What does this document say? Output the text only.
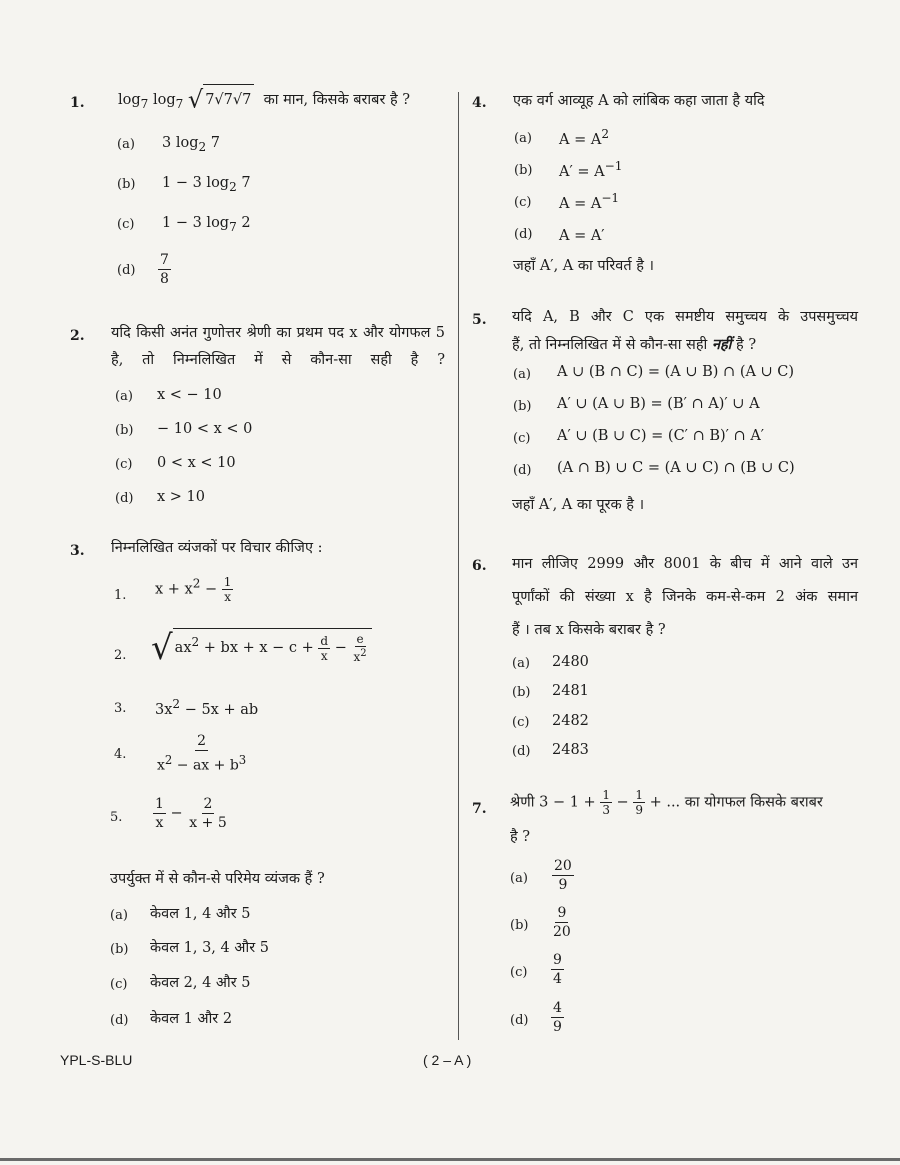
1. $\log_7 \log_7$ √ 7√7√7 का मान, किसके बराबर है ?
(a) 3 $\log_2 7$
(b) 1 − 3 $\log_2 7$
(c) 1 − 3 $\log_7 2$
$(d) \frac{7}{8}$
2. यदि किसी अनंत गुणोत्तर श्रेणी का प्रथम पद x और योगफल 5 है, तो निम्नलिखित में से कौन-सा सही है ?
(a) x < − 10
(b) − 10 < x < 0
(c) 0 < x < 10
(d) x > 10
3. निम्नलिखित व्यंजकों पर विचार कीजिए :
1. $x + x^2 - \frac{1}{x}$
2. √ $ax^2$ + bx + $x - c + \frac{d}{x} - \frac{e}{x^2}$
3. $3x^2 - 5x$ + ab
4. $\frac{2}{x^2 - ax + b^3}$
5. $\frac{1}{x} - \frac{2}{x + 5}$
उपर्युक्त में से कौन-से परिमेय व्यंजक हैं ?
(a) केवल 1, 4 और 5
(b) केवल 1, 3, 4 और 5
(c) केवल 2, 4 और 5
(d) केवल 1 और 2
4. एक वर्ग आव्यूह A को लांबिक कहा जाता है यदि
(a) $A = A^2$
(b) $A' = A^{-1}$
(c) $A = A^{-1}$
(d) A = A′
जहाँ A′, A का परिवर्त है ।
5. यदि A, B और C एक समष्टीय समुच्चय के उपसमुच्चय
हैं, तो निम्नलिखित में से कौन-सा सही नहीं है ?
(a) A ∪ (B ∩ C) = (A ∪ B) ∩ (A ∪ C)
(b) A′ ∪ (A ∪ B) = (B′ ∩ A)′ ∪ A
(c) A′ ∪ (B ∪ C) = (C′ ∩ B)′ ∩ A′
(d) (A ∩ B) ∪ C = (A ∪ C) ∩ (B ∪ C)
जहाँ A′, A का पूरक है ।
6. मान लीजिए 2999 और 8001 के बीच में आने वाले उन
पूर्णांकों की संख्या x है जिनके कम-से-कम 2 अंक समान
हैं । तब x किसके बराबर है ?
(a) 2480
(b) 2481
(c) 2482
(d) 2483
7. श्रेणी $3 - 1 + \frac{1}{3} - \frac{1}{9}$ + ... का योगफल किसके बराबर
है ?
$(a) \frac{20}{9}$
$(b) \frac{9}{20}$
$(c) \frac{9}{4}$
$(d) \frac{4}{9}$
YPL-S-BLU	( 2 – A )
